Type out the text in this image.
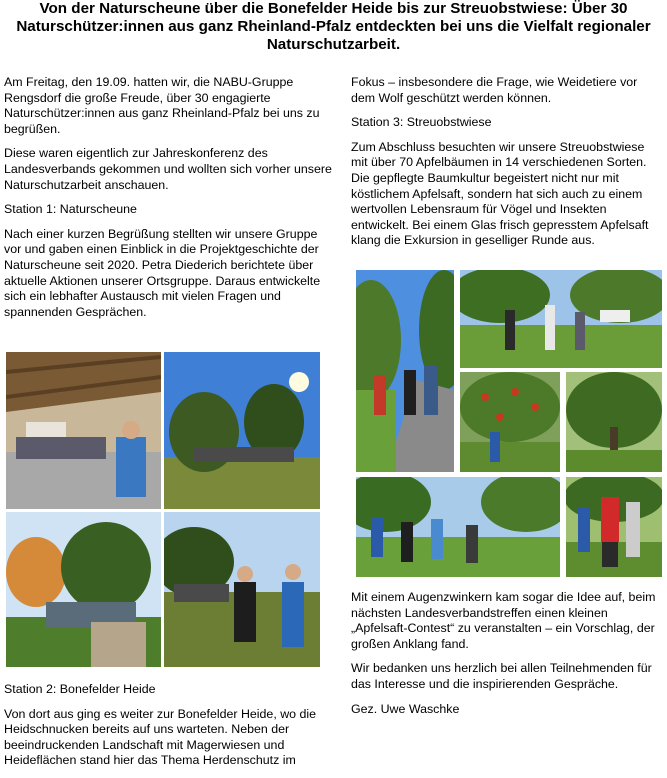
Von der Naturscheune über die Bonefelder Heide bis zur Streuobstwiese: Über 30 Naturschützer:innen aus ganz Rheinland-Pfalz entdeckten bei uns die Vielfalt regionaler Naturschutzarbeit.

Am Freitag, den 19.09. hatten wir, die NABU-Gruppe Rengsdorf die große Freude, über 30 engagierte Naturschützer:innen aus ganz Rheinland-Pfalz bei uns zu begrüßen.

Diese waren eigentlich zur Jahreskonferenz des Landesverbands gekommen und wollten sich vorher unsere Naturschutzarbeit anschauen.

Station 1: Naturscheune

Nach einer kurzen Begrüßung stellten wir unsere Gruppe vor und gaben einen Einblick in die Projektgeschichte der Naturscheune seit 2020. Petra Diederich berichtete über aktuelle Aktionen unserer Ortsgruppe. Daraus entwickelte sich ein lebhafter Austausch mit vielen Fragen und spannenden Gesprächen.

Station 2: Bonefelder Heide

Von dort aus ging es weiter zur Bonefelder Heide, wo die Heidschnucken bereits auf uns warteten. Neben der beeindruckenden Landschaft mit Magerwiesen und Heideflächen stand hier das Thema Herdenschutz im

Fokus – insbesondere die Frage, wie Weidetiere vor dem Wolf geschützt werden können.

Station 3: Streuobstwiese

Zum Abschluss besuchten wir unsere Streuobstwiese mit über 70 Apfelbäumen in 14 verschiedenen Sorten. Die gepflegte Baumkultur begeistert nicht nur mit köstlichem Apfelsaft, sondern hat sich auch zu einem wertvollen Lebensraum für Vögel und Insekten entwickelt. Bei einem Glas frisch gepresstem Apfelsaft klang die Exkursion in geselliger Runde aus.

Mit einem Augenzwinkern kam sogar die Idee auf, beim nächsten Landesverbandstreffen einen kleinen „Apfelsaft-Contest“ zu veranstalten – ein Vorschlag, der großen Anklang fand.

Wir bedanken uns herzlich bei allen Teilnehmenden für das Interesse und die inspirierenden Gespräche.

Gez. Uwe Waschke
